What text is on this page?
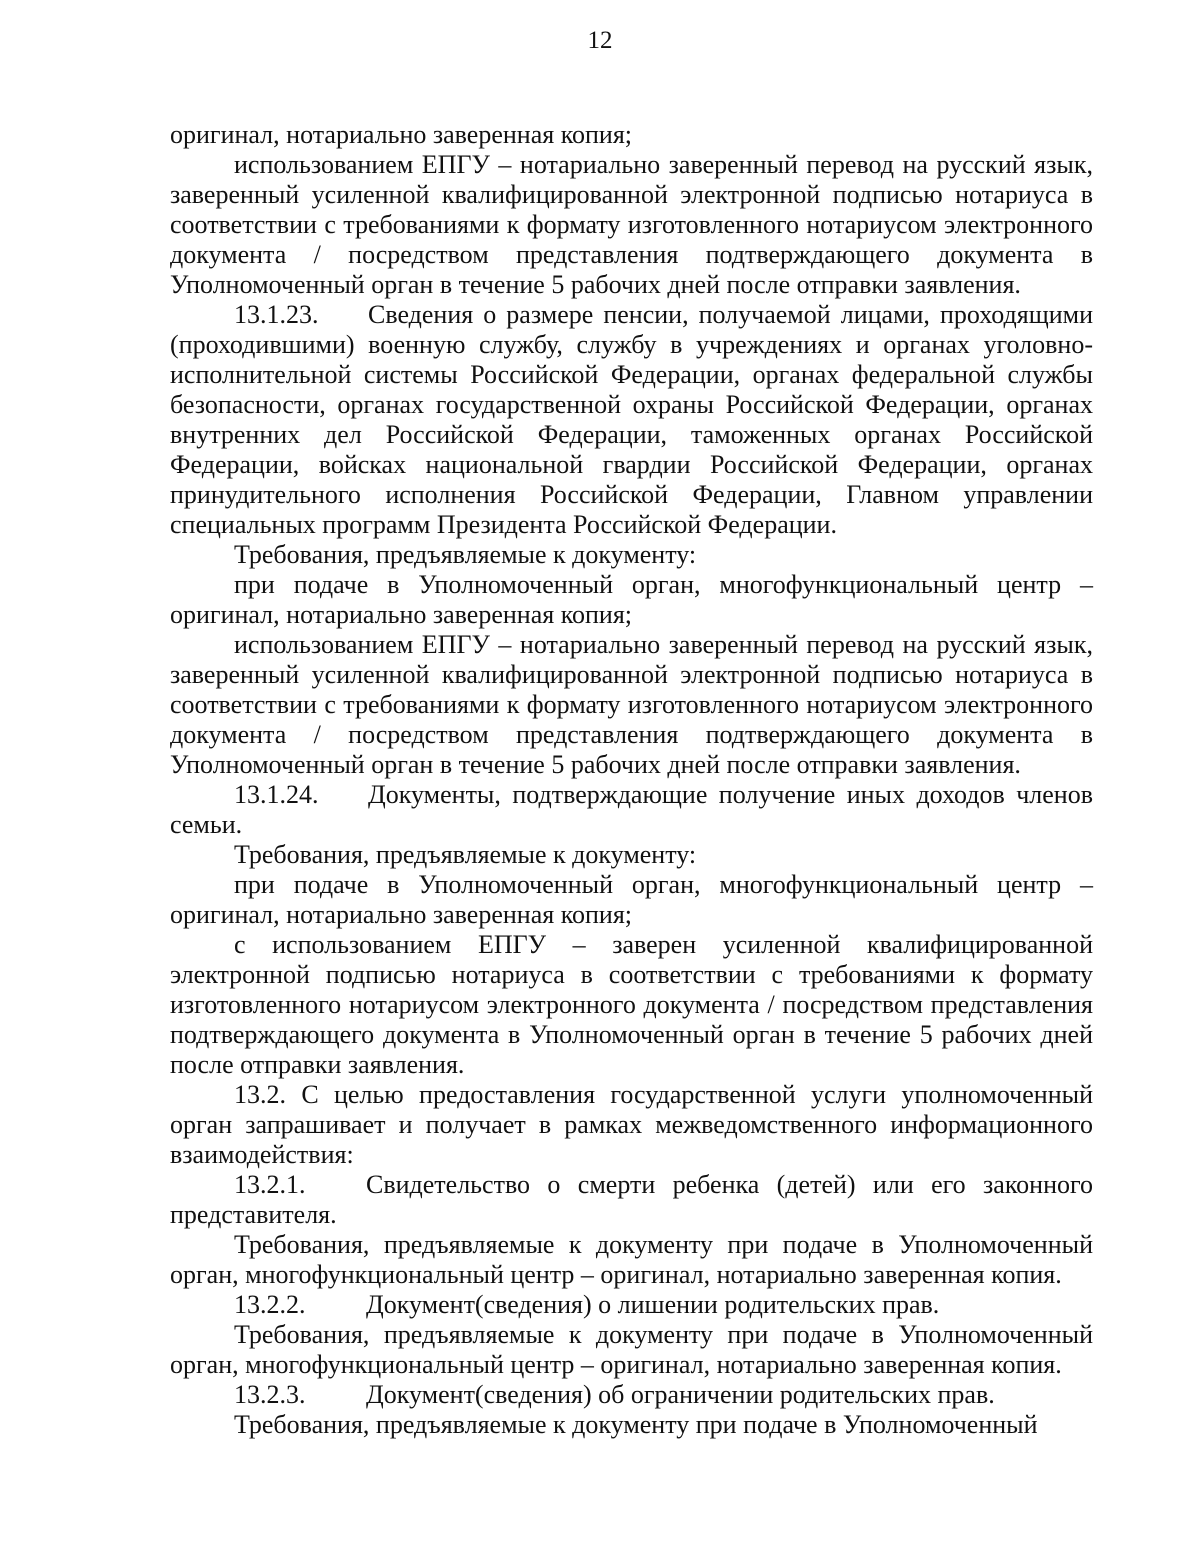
12

оригинал, нотариально заверенная копия;

использованием ЕПГУ – нотариально заверенный перевод на русский язык, заверенный усиленной квалифицированной электронной подписью нотариуса в соответствии с требованиями к формату изготовленного нотариусом электронного документа / посредством представления подтверждающего документа в Уполномоченный орган в течение 5 рабочих дней после отправки заявления.

13.1.23. Сведения о размере пенсии, получаемой лицами, проходящими (проходившими) военную службу, службу в учреждениях и органах уголовно-исполнительной системы Российской Федерации, органах федеральной службы безопасности, органах государственной охраны Российской Федерации, органах внутренних дел Российской Федерации, таможенных органах Российской Федерации, войсках национальной гвардии Российской Федерации, органах принудительного исполнения Российской Федерации, Главном управлении специальных программ Президента Российской Федерации.

Требования, предъявляемые к документу:

при подаче в Уполномоченный орган, многофункциональный центр – оригинал, нотариально заверенная копия;

использованием ЕПГУ – нотариально заверенный перевод на русский язык, заверенный усиленной квалифицированной электронной подписью нотариуса в соответствии с требованиями к формату изготовленного нотариусом электронного документа / посредством представления подтверждающего документа в Уполномоченный орган в течение 5 рабочих дней после отправки заявления.

13.1.24. Документы, подтверждающие получение иных доходов членов семьи.

Требования, предъявляемые к документу:

при подаче в Уполномоченный орган, многофункциональный центр – оригинал, нотариально заверенная копия;

с использованием ЕПГУ – заверен усиленной квалифицированной электронной подписью нотариуса в соответствии с требованиями к формату изготовленного нотариусом электронного документа / посредством представления подтверждающего документа в Уполномоченный орган в течение 5 рабочих дней после отправки заявления.

13.2. С целью предоставления государственной услуги уполномоченный орган запрашивает и получает в рамках межведомственного информационного взаимодействия:

13.2.1. Свидетельство о смерти ребенка (детей) или его законного представителя.

Требования, предъявляемые к документу при подаче в Уполномоченный орган, многофункциональный центр – оригинал, нотариально заверенная копия.

13.2.2. Документ(сведения) о лишении родительских прав.

Требования, предъявляемые к документу при подаче в Уполномоченный орган, многофункциональный центр – оригинал, нотариально заверенная копия.

13.2.3. Документ(сведения) об ограничении родительских прав.

Требования, предъявляемые к документу при подаче в Уполномоченный
